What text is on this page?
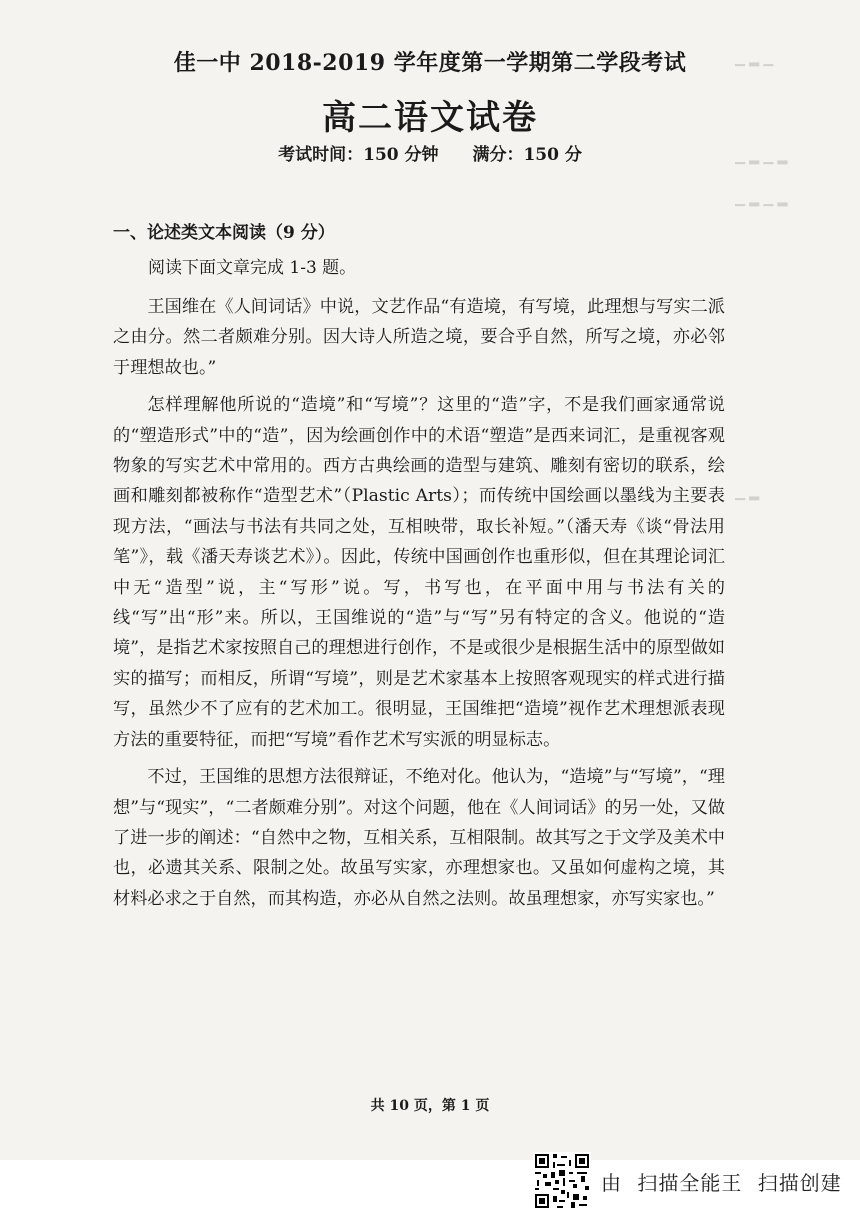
▁ ▂ ▁
▁ ▂ ▁ ▂
▁ ▂ ▁ ▂
▁ ▂
佳一中 2018-2019 学年度第一学期第二学段考试
高二语文试卷
考试时间：150 分钟 满分：150 分
一、论述类文本阅读（9 分）
阅读下面文章完成 1-3 题。

王国维在《人间词话》中说，文艺作品“有造境，有写境，此理想与写实二派之由分。然二者颇难分别。因大诗人所造之境，要合乎自然，所写之境，亦必邻于理想故也。”

怎样理解他所说的“造境”和“写境”？这里的“造”字，不是我们画家通常说的“塑造形式”中的“造”，因为绘画创作中的术语“塑造”是西来词汇，是重视客观物象的写实艺术中常用的。西方古典绘画的造型与建筑、雕刻有密切的联系，绘画和雕刻都被称作“造型艺术”（Plastic Arts）；而传统中国绘画以墨线为主要表现方法，“画法与书法有共同之处，互相映带，取长补短。”（潘天寿《谈“骨法用笔”》，载《潘天寿谈艺术》）。因此，传统中国画创作也重形似，但在其理论词汇中无“造型”说，主“写形”说。写，书写也，在平面中用与书法有关的线“写”出“形”来。所以，王国维说的“造”与“写”另有特定的含义。他说的“造境”，是指艺术家按照自己的理想进行创作，不是或很少是根据生活中的原型做如实的描写；而相反，所谓“写境”，则是艺术家基本上按照客观现实的样式进行描写，虽然少不了应有的艺术加工。很明显，王国维把“造境”视作艺术理想派表现方法的重要特征，而把“写境”看作艺术写实派的明显标志。

不过，王国维的思想方法很辩证，不绝对化。他认为，“造境”与“写境”，“理想”与“现实”，“二者颇难分别”。对这个问题，他在《人间词话》的另一处，又做了进一步的阐述：“自然中之物，互相关系，互相限制。故其写之于文学及美术中也，必遗其关系、限制之处。故虽写实家，亦理想家也。又虽如何虚构之境，其材料必求之于自然，而其构造，亦必从自然之法则。故虽理想家，亦写实家也。”

共 10 页，第 1 页
由 扫描全能王 扫描创建
